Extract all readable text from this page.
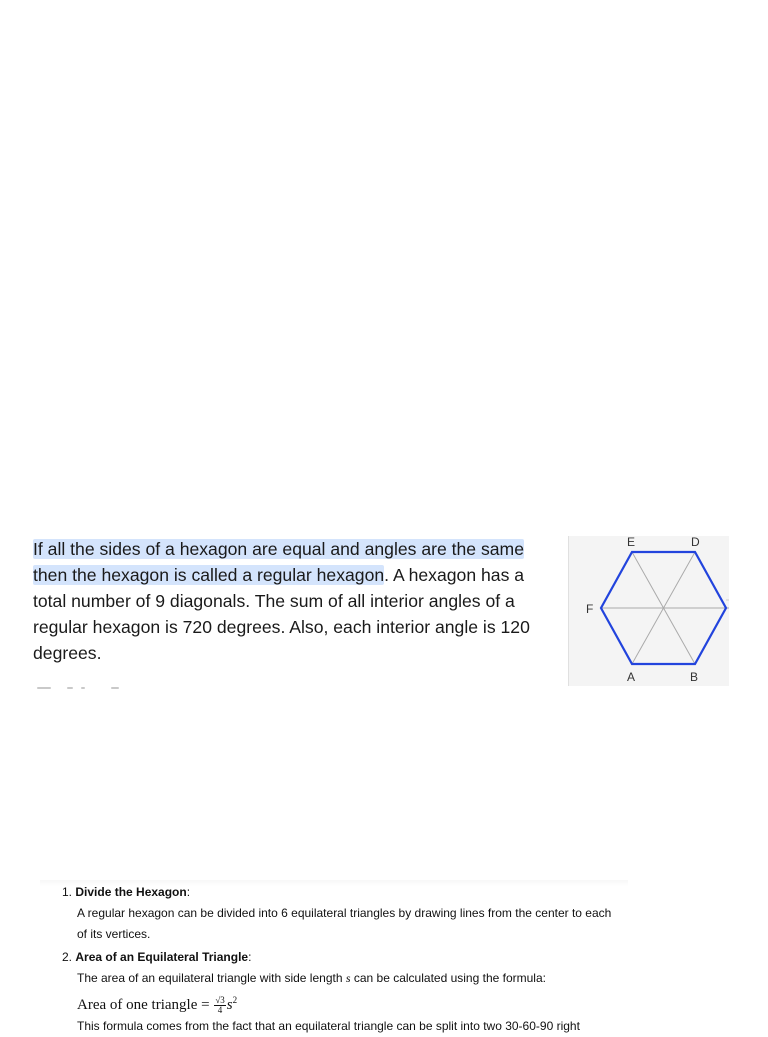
If all the sides of a hexagon are equal and angles are the same then the hexagon is called a regular hexagon. A hexagon has a total number of 9 diagonals. The sum of all interior angles of a regular hexagon is 720 degrees. Also, each interior angle is 120 degrees.
E	D
F
A	B
1. Divide the Hexagon:
A regular hexagon can be divided into 6 equilateral triangles by drawing lines from the center to each of its vertices.
2. Area of an Equilateral Triangle:
The area of an equilateral triangle with side length s can be calculated using the formula:
Area of one triangle = $\frac{√3}{4} s^2$
This formula comes from the fact that an equilateral triangle can be split into two 30-60-90 right
